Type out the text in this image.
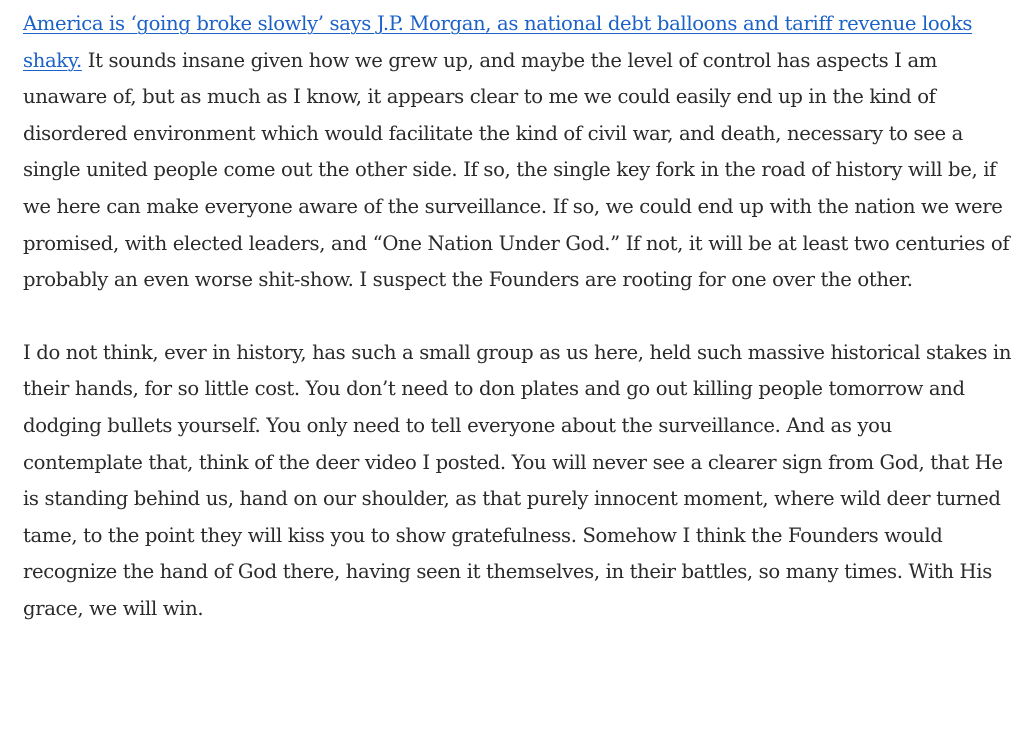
America is ‘going broke slowly’ says J.P. Morgan, as national debt balloons and tariff revenue looks shaky. It sounds insane given how we grew up, and maybe the level of control has aspects I am unaware of, but as much as I know, it appears clear to me we could easily end up in the kind of disordered environment which would facilitate the kind of civil war, and death, necessary to see a single united people come out the other side. If so, the single key fork in the road of history will be, if we here can make everyone aware of the surveillance. If so, we could end up with the nation we were promised, with elected leaders, and “One Nation Under God.” If not, it will be at least two centuries of probably an even worse shit-show. I suspect the Founders are rooting for one over the other.

I do not think, ever in history, has such a small group as us here, held such massive historical stakes in their hands, for so little cost. You don’t need to don plates and go out killing people tomorrow and dodging bullets yourself. You only need to tell everyone about the surveillance. And as you contemplate that, think of the deer video I posted. You will never see a clearer sign from God, that He is standing behind us, hand on our shoulder, as that purely innocent moment, where wild deer turned tame, to the point they will kiss you to show gratefulness. Somehow I think the Founders would recognize the hand of God there, having seen it themselves, in their battles, so many times. With His grace, we will win.
